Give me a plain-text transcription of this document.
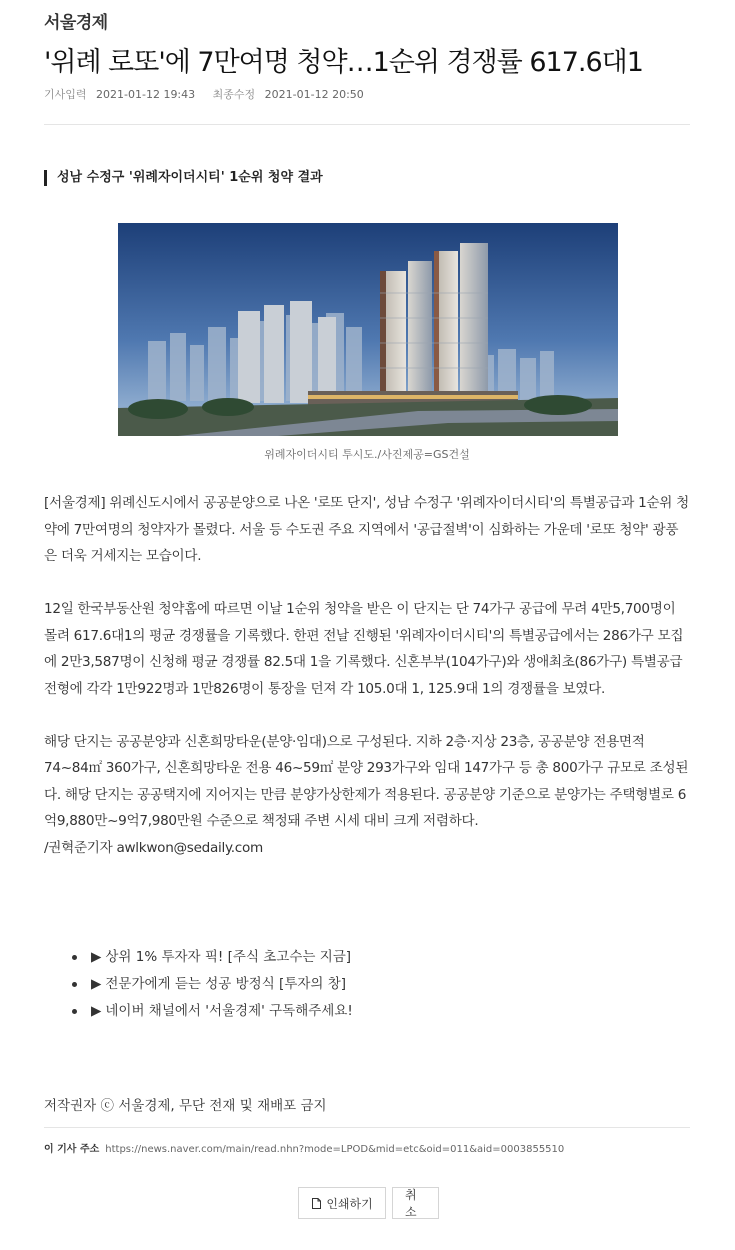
서울경제
'위례 로또'에 7만여명 청약…1순위 경쟁률 617.6대1
기사입력 2021-01-12 19:43 최종수정 2021-01-12 20:50
성남 수정구 '위례자이더시티' 1순위 청약 결과
위례자이더시티 투시도./사진제공=GS건설

[서울경제] 위례신도시에서 공공분양으로 나온 '로또 단지', 성남 수정구 '위례자이더시티'의 특별공급과 1순위 청약에 7만여명의 청약자가 몰렸다. 서울 등 수도권 주요 지역에서 '공급절벽'이 심화하는 가운데 '로또 청약' 광풍은 더욱 거세지는 모습이다.

12일 한국부동산원 청약홈에 따르면 이날 1순위 청약을 받은 이 단지는 단 74가구 공급에 무려 4만5,700명이 몰려 617.6대1의 평균 경쟁률을 기록했다. 한편 전날 진행된 '위례자이더시티'의 특별공급에서는 286가구 모집에 2만3,587명이 신청해 평균 경쟁률 82.5대 1을 기록했다. 신혼부부(104가구)와 생애최초(86가구) 특별공급 전형에 각각 1만922명과 1만826명이 통장을 던져 각 105.0대 1, 125.9대 1의 경쟁률을 보였다.

해당 단지는 공공분양과 신혼희망타운(분양·임대)으로 구성된다. 지하 2층·지상 23층, 공공분양 전용면적 74~84㎡ 360가구, 신혼희망타운 전용 46~59㎡ 분양 293가구와 임대 147가구 등 총 800가구 규모로 조성된다. 해당 단지는 공공택지에 지어지는 만큼 분양가상한제가 적용된다. 공공분양 기준으로 분양가는 주택형별로 6억9,880만~9억7,980만원 수준으로 책정돼 주변 시세 대비 크게 저렴하다.

/권혁준기자 awlkwon@sedaily.com
▶ 상위 1% 투자자 픽! [주식 초고수는 지금]
▶ 전문가에게 듣는 성공 방정식 [투자의 창]
▶ 네이버 채널에서 '서울경제' 구독해주세요!
저작권자 ⓒ 서울경제, 무단 전재 및 재배포 금지
이 기사 주소 https://news.naver.com/main/read.nhn?mode=LPOD&mid=etc&oid=011&aid=0003855510
인쇄하기
취소
